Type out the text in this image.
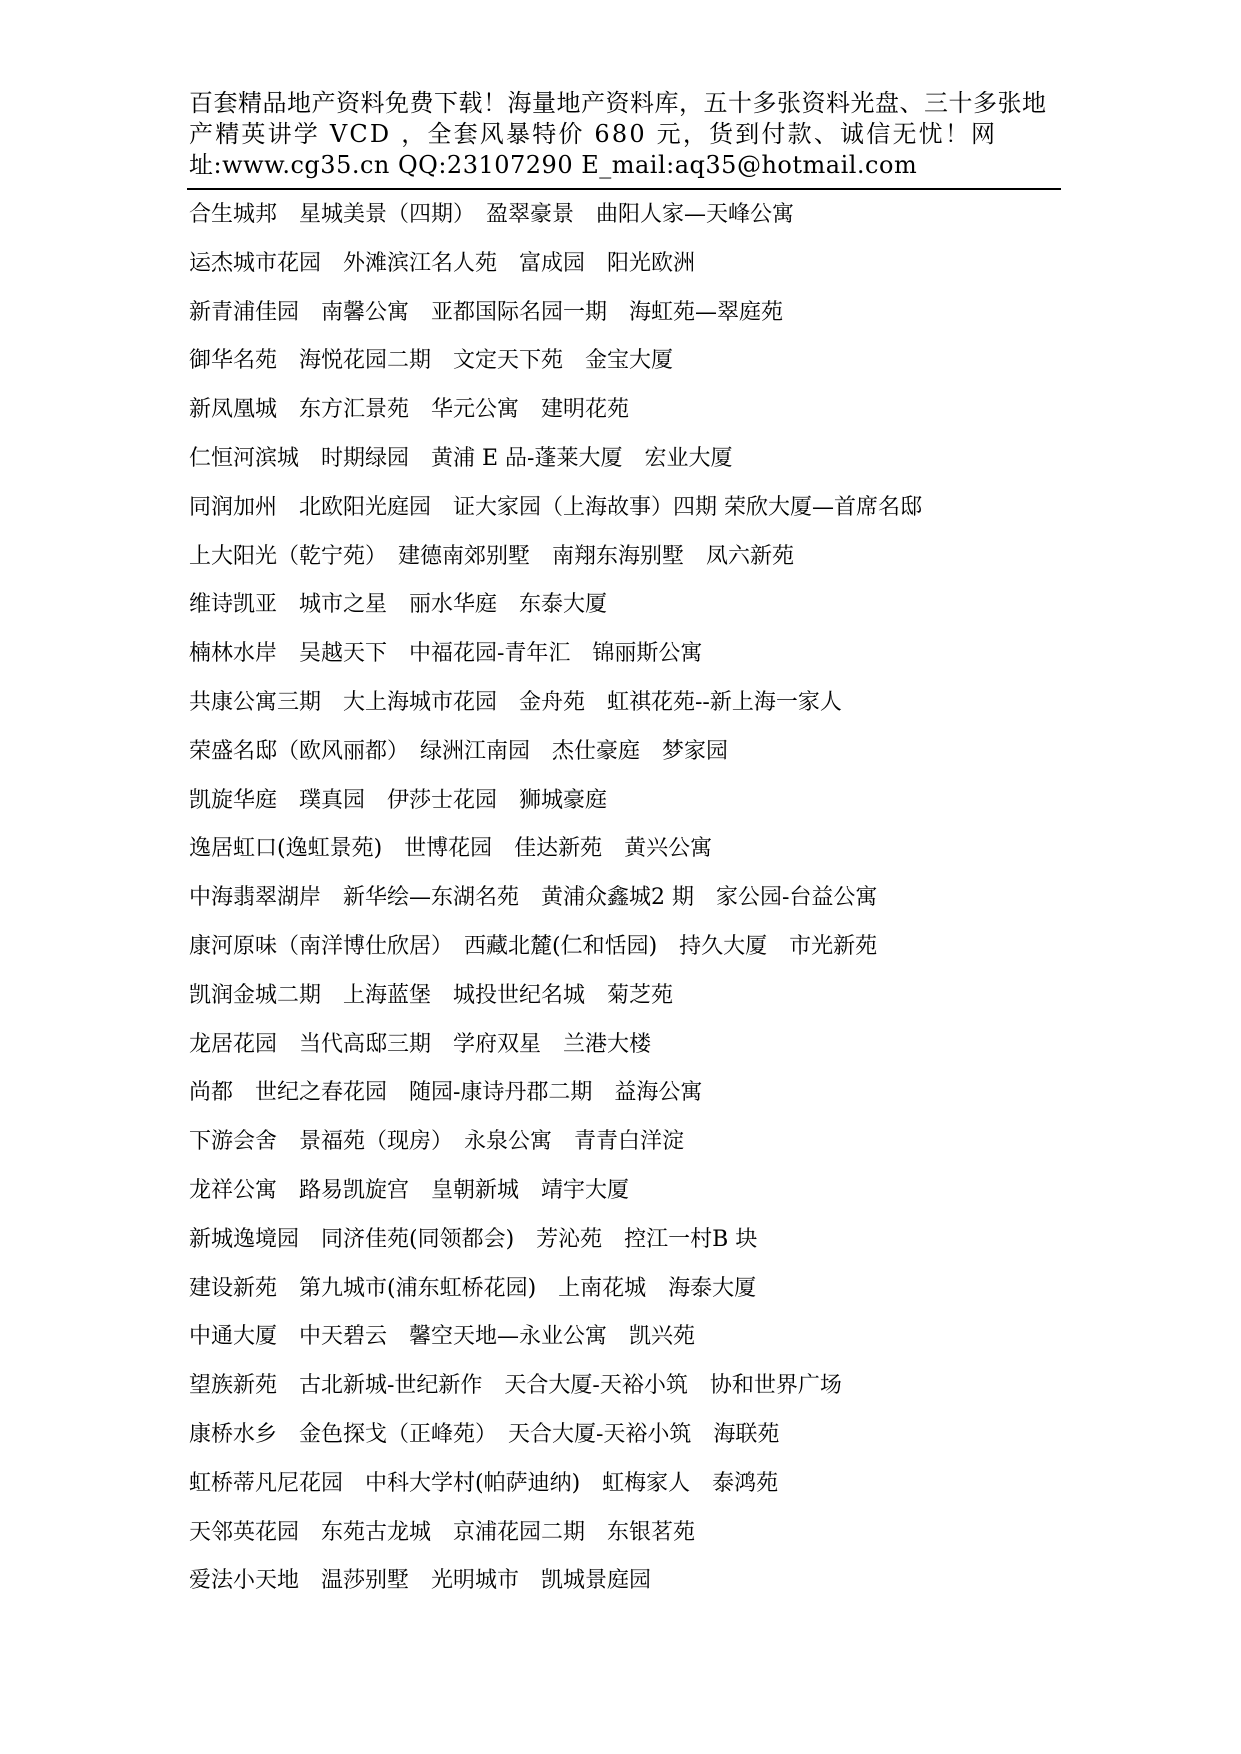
百套精品地产资料免费下载！海量地产资料库，五十多张资料光盘、三十多张地
产精英讲学 VCD ，全套风暴特价 680 元，货到付款、诚信无忧！网
址:www.cg35.cn QQ:23107290 E_mail:aq35@hotmail.com
合生城邦　星城美景（四期）　盈翠豪景　曲阳人家—天峰公寓
运杰城市花园　外滩滨江名人苑　富成园　阳光欧洲
新青浦佳园　南馨公寓　亚都国际名园一期　海虹苑—翠庭苑
御华名苑　海悦花园二期　文定天下苑　金宝大厦
新凤凰城　东方汇景苑　华元公寓　建明花苑
仁恒河滨城　时期绿园　黄浦 E 品-蓬莱大厦　宏业大厦
同润加州　北欧阳光庭园　证大家园（上海故事）四期 荣欣大厦—首席名邸
上大阳光（乾宁苑）　建德南郊别墅　南翔东海别墅　凤六新苑
维诗凯亚　城市之星　丽水华庭　东泰大厦
楠林水岸　吴越天下　中福花园-青年汇　锦丽斯公寓
共康公寓三期　大上海城市花园　金舟苑　虹祺花苑--新上海一家人
荣盛名邸（欧风丽都）　绿洲江南园　杰仕豪庭　梦家园
凯旋华庭　璞真园　伊莎士花园　狮城豪庭
逸居虹口(逸虹景苑)　世博花园　佳达新苑　黄兴公寓
中海翡翠湖岸　新华绘—东湖名苑　黄浦众鑫城2 期　家公园-台益公寓
康河原味（南洋博仕欣居）　西藏北麓(仁和恬园)　持久大厦　市光新苑
凯润金城二期　上海蓝堡　城投世纪名城　菊芝苑
龙居花园　当代高邸三期　学府双星　兰港大楼
尚都　世纪之春花园　随园-康诗丹郡二期　益海公寓
下游会舍　景福苑（现房）　永泉公寓　青青白洋淀
龙祥公寓　路易凯旋宫　皇朝新城　靖宇大厦
新城逸境园　同济佳苑(同领都会)　芳沁苑　控江一村B 块
建设新苑　第九城市(浦东虹桥花园)　上南花城　海泰大厦
中通大厦　中天碧云　馨空天地—永业公寓　凯兴苑
望族新苑　古北新城-世纪新作　天合大厦-天裕小筑　协和世界广场
康桥水乡　金色探戈（正峰苑）　天合大厦-天裕小筑　海联苑
虹桥蒂凡尼花园　中科大学村(帕萨迪纳)　虹梅家人　泰鸿苑
天邻英花园　东苑古龙城　京浦花园二期　东银茗苑
爱法小天地　温莎别墅　光明城市　凯城景庭园
